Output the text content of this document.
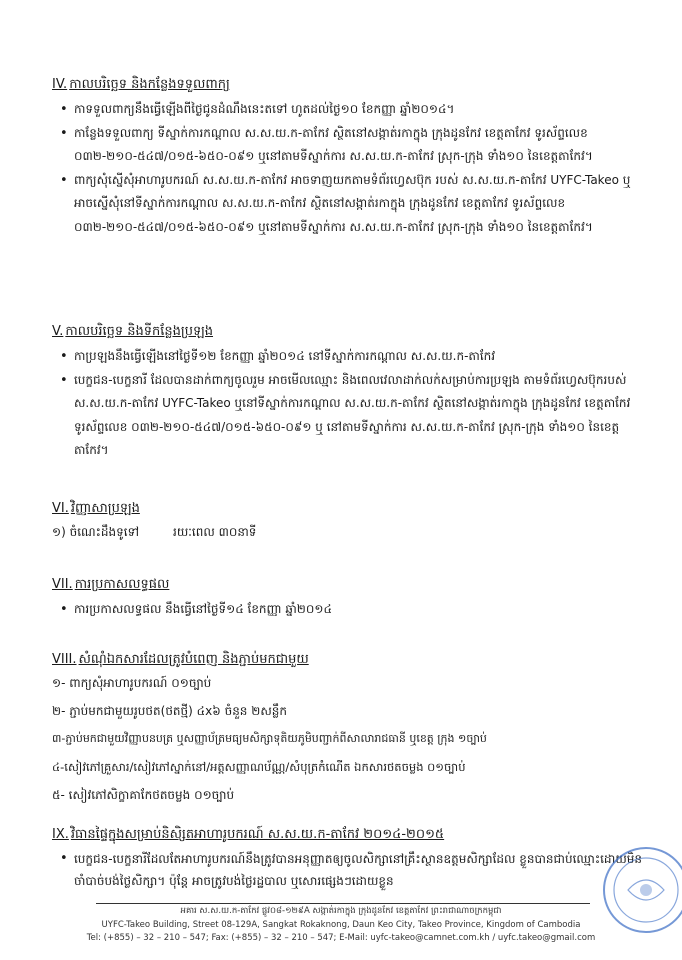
IV. កាលបរិច្ឆេទ និងកន្លែងទទួលពាក្យ
• កាទទួលពាក្យនឹងធ្វើឡើងពីថ្ងៃជូនដំណឹងនេះតទៅ ហូតដល់ថ្ងៃ១០ ខែកញ្ញា ឆ្នាំ២០១៤។
• កាន្លែងទទួលពាក្យ ទីស្នាក់ការកណ្តាល ស.ស.យ.ក-តាកែវ ស្ថិតនៅសង្កាត់រកាក្នុង ក្រុងដូនកែវ ខេត្តតាកែវ ទូរស័ព្ទលេខ ០៣២-២១០-៥៤៧/០១៥-៦៥០-០៩១ ឬនៅតាមទីស្នាក់ការ ស.ស.យ.ក-តាកែវ ស្រុក-ក្រុង ទាំង១០ នៃខេត្តតាកែវ។
• ពាក្យសុំស្នើសុំអាហារូបករណ៍ ស.ស.យ.ក-តាកែវ អាចទាញយកតាមទំព័រហ្វេសប៊ុក របស់ ស.ស.យ.ក-តាកែវ UYFC-Takeo ឬអាចស្នើសុំនៅទីស្នាក់ការកណ្តាល ស.ស.យ.ក-តាកែវ ស្ថិតនៅសង្កាត់រកាក្នុង ក្រុងដូនកែវ ខេត្តតាកែវ ទូរស័ព្ទលេខ ០៣២-២១០-៥៤៧/០១៥-៦៥០-០៩១ ឬនៅតាមទីស្នាក់ការ ស.ស.យ.ក-តាកែវ ស្រុក-ក្រុង ទាំង១០ នៃខេត្តតាកែវ។
V. កាលបរិច្ឆេទ និងទីកន្លែងប្រឡង
• កាប្រឡងនឹងធ្វើឡើងនៅថ្ងៃទី១២ ខែកញ្ញា ឆ្នាំ២០១៤ នៅទីស្នាក់ការកណ្តាល ស.ស.យ.ក-តាកែវ
• បេក្ខជន-បេក្ខនារី ដែលបានដាក់ពាក្យចូលរួម អាចមើលឈ្មោះ និងពេលវេលាដាក់លក់សម្រាប់ការប្រឡង តាមទំព័រហ្វេសប៊ុករបស់ ស.ស.យ.ក-តាកែវ UYFC-Takeo ឬនៅទីស្នាក់ការកណ្តាល ស.ស.យ.ក-តាកែវ ស្ថិតនៅសង្កាត់រកាក្នុង ក្រុងដូនកែវ ខេត្តតាកែវ ទូរស័ព្ទលេខ ០៣២-២១០-៥៤៧/០១៥-៦៥០-០៩១ ឬ នៅតាមទីស្នាក់ការ ស.ស.យ.ក-តាកែវ ស្រុក-ក្រុង ទាំង១០ នៃខេត្តតាកែវ។
VI. វិញ្ញាសាប្រឡង
១) ចំណេះដឹងទូទៅ	រយៈពេល ៣០នាទី
VII. ការប្រកាសលទ្ធផល
• ការប្រកាសលទ្ធផល នឹងធ្វើនៅថ្ងៃទី១៤ ខែកញ្ញា ឆ្នាំ២០១៤
VIII. សំណុំឯកសារដែលត្រូវបំពេញ និងភ្ជាប់មកជាមួយ
១- ពាក្យសុំអាហារូបករណ៍ ០១ច្បាប់
២- ភ្ជាប់មកជាមួយរូបថត(ថតថ្មី) ៤x៦ ចំនួន ២សន្លឹក
៣-ភ្ជាប់មកជាមួយវិញ្ញាបនបត្រ ឬសញ្ញាប័ត្រមធ្យមសិក្សាទុតិយភូមិបញ្ជាក់ពីសាលារាជធានី ឬខេត្ត ក្រុង ១ច្បាប់
៤-សៀវភៅគ្រួសារ/សៀវភៅស្នាក់នៅ/អត្តសញ្ញាណប័ណ្ណ/សំបុត្រកំណើត ឯកសារថតចម្លង ០១ច្បាប់
៥- សៀវភៅសិក្ខាគាកែថតចម្លង ០១ច្បាប់
IX. វិធានផ្ទៃក្នុងសម្រាប់និសិ្សតអាហារូបករណ៍ ស.ស.យ.ក-តាកែវ ២០១៤-២០១៥
• បេក្ខជន-បេក្ខនារីដែលតែអាហារូបករណ៍នឹងត្រូវបានអនុញ្ញាតឲ្យចូលសិក្សានៅគ្រឹះស្ថានឧត្តមសិក្សាដែល ខ្លួនបានជាប់ឈ្មោះដោយមិនចាំបាច់បង់ថ្លៃសិក្សា។ ប៉ុន្តែ អាចត្រូវបង់ថ្លៃរដ្ឋបាល ឬសោរផ្សេងៗដោយខ្លួន
អគារ ស.ស.យ.ក-តាកែវ ផ្លូវ០៨-១២៩A សង្កាត់រកាក្នុង ក្រុងដូនកែវ ខេត្តតាកែវ ព្រះរាជាណាចក្រកម្ពុជា
UYFC-Takeo Building, Street 08-129A, Sangkat Rokaknong, Daun Keo City, Takeo Province, Kingdom of Cambodia
Tel: (+855) – 32 – 210 – 547; Fax: (+855) – 32 – 210 – 547; E-Mail: uyfc-takeo@camnet.com.kh / uyfc.takeo@gmail.com
